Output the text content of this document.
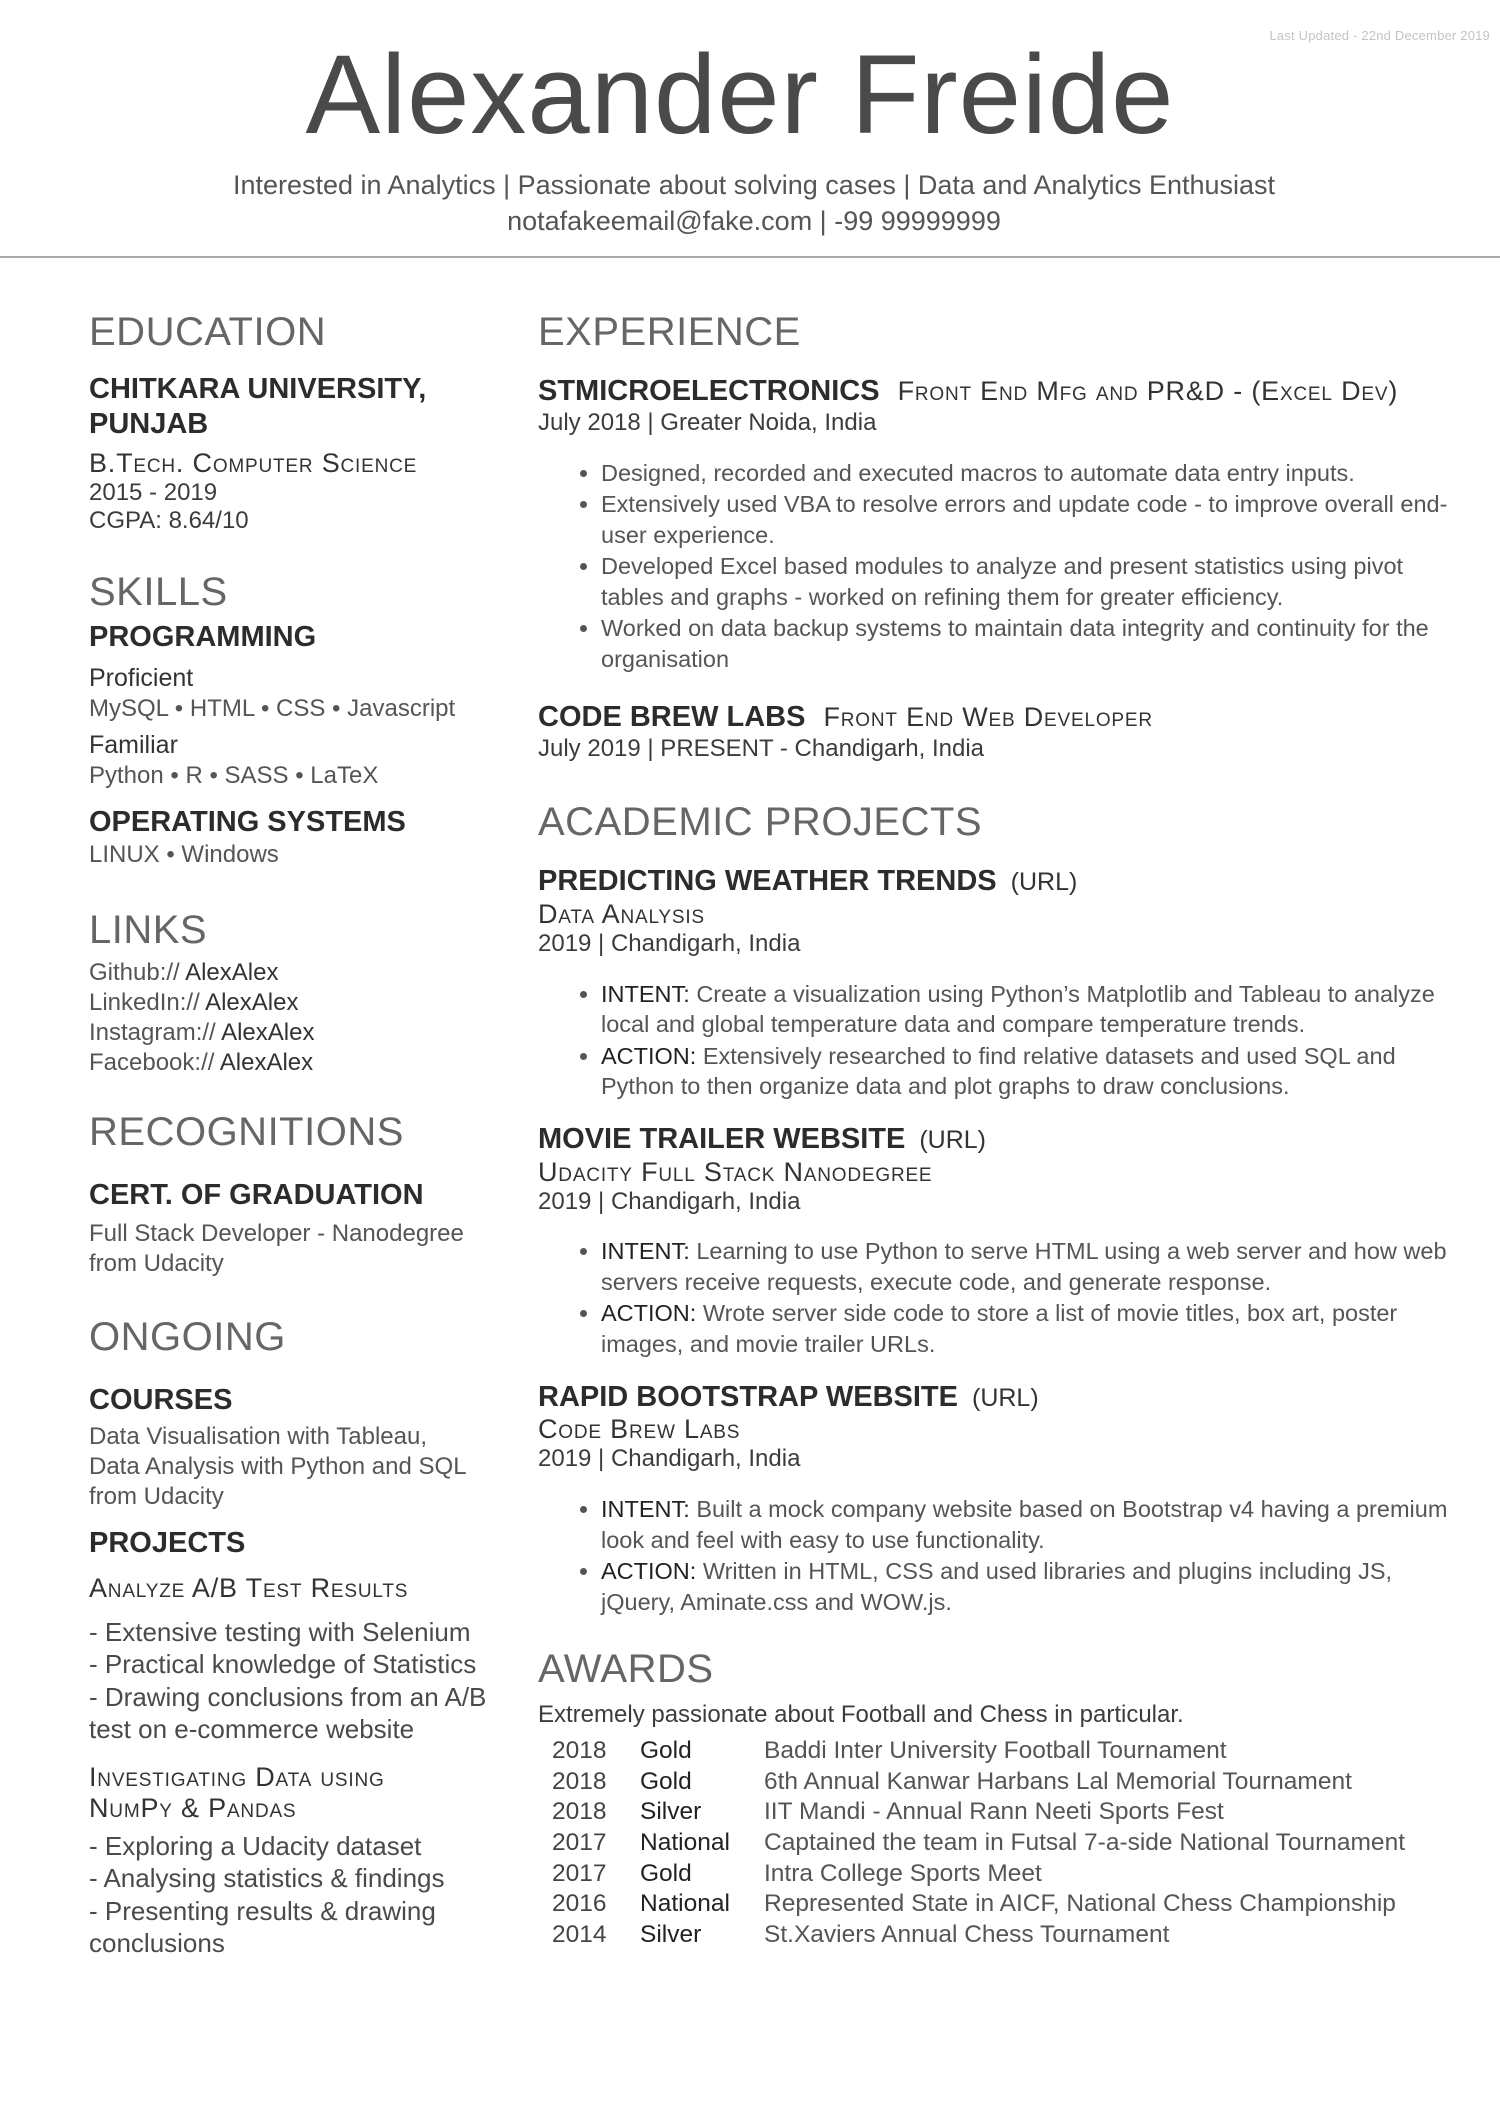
Last Updated - 22nd December 2019
Alexander Freide
Interested in Analytics | Passionate about solving cases | Data and Analytics Enthusiast
notafakeemail@fake.com | -99 99999999
EDUCATION
CHITKARA UNIVERSITY,
PUNJAB
B.Tech. Computer Science
2015 - 2019
CGPA: 8.64/10
SKILLS
PROGRAMMING
Proficient
MySQL • HTML • CSS • Javascript
Familiar
Python • R • SASS • LaTeX
OPERATING SYSTEMS
LINUX • Windows
LINKS
Github:// AlexAlex
LinkedIn:// AlexAlex
Instagram:// AlexAlex
Facebook:// AlexAlex
RECOGNITIONS
CERT. OF GRADUATION
Full Stack Developer - Nanodegree
from Udacity
ONGOING
COURSES
Data Visualisation with Tableau,
Data Analysis with Python and SQL
from Udacity
PROJECTS
Analyze A/B Test Results
- Extensive testing with Selenium
- Practical knowledge of Statistics
- Drawing conclusions from an A/B
test on e-commerce website
Investigating Data using
NumPy & Pandas
- Exploring a Udacity dataset
- Analysing statistics & findings
- Presenting results & drawing
conclusions
EXPERIENCE
STMICROELECTRONICS Front End Mfg and PR&D - (Excel Dev)
July 2018 | Greater Noida, India
• Designed, recorded and executed macros to automate data entry inputs.
• Extensively used VBA to resolve errors and update code - to improve overall end-user experience.
• Developed Excel based modules to analyze and present statistics using pivot tables and graphs - worked on refining them for greater efficiency.
• Worked on data backup systems to maintain data integrity and continuity for the organisation
CODE BREW LABS Front End Web Developer
July 2019 | PRESENT - Chandigarh, India
ACADEMIC PROJECTS
PREDICTING WEATHER TRENDS (URL)
Data Analysis
2019 | Chandigarh, India
• INTENT: Create a visualization using Python’s Matplotlib and Tableau to analyze local and global temperature data and compare temperature trends.
• ACTION: Extensively researched to find relative datasets and used SQL and Python to then organize data and plot graphs to draw conclusions.
MOVIE TRAILER WEBSITE (URL)
Udacity Full Stack Nanodegree
2019 | Chandigarh, India
• INTENT: Learning to use Python to serve HTML using a web server and how web servers receive requests, execute code, and generate response.
• ACTION: Wrote server side code to store a list of movie titles, box art, poster images, and movie trailer URLs.
RAPID BOOTSTRAP WEBSITE (URL)
Code Brew Labs
2019 | Chandigarh, India
• INTENT: Built a mock company website based on Bootstrap v4 having a premium look and feel with easy to use functionality.
• ACTION: Written in HTML, CSS and used libraries and plugins including JS, jQuery, Aminate.css and WOW.js.
AWARDS
Extremely passionate about Football and Chess in particular.
2018	Gold	Baddi Inter University Football Tournament
2018	Gold	6th Annual Kanwar Harbans Lal Memorial Tournament
2018	Silver	IIT Mandi - Annual Rann Neeti Sports Fest
2017	National	Captained the team in Futsal 7-a-side National Tournament
2017	Gold	Intra College Sports Meet
2016	National	Represented State in AICF, National Chess Championship
2014	Silver	St.Xaviers Annual Chess Tournament
